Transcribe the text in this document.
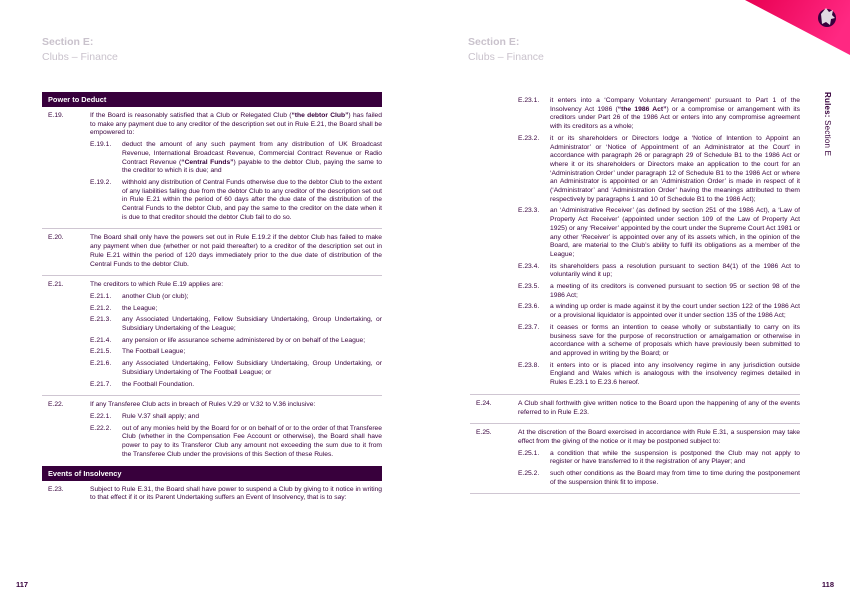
Section E:
Clubs – Finance
Section E:
Clubs – Finance
Rules: Section E
Power to Deduct
E.19.	If the Board is reasonably satisfied that a Club or Relegated Club (“the debtor Club”) has failed to make any payment due to any creditor of the description set out in Rule E.21, the Board shall be empowered to:

E.19.1.	deduct the amount of any such payment from any distribution of UK Broadcast Revenue, International Broadcast Revenue, Commercial Contract Revenue or Radio Contract Revenue (“Central Funds”) payable to the debtor Club, paying the same to the creditor to which it is due; and
E.19.2.	withhold any distribution of Central Funds otherwise due to the debtor Club to the extent of any liabilities falling due from the debtor Club to any creditor of the description set out in Rule E.21 within the period of 60 days after the due date of the distribution of the Central Funds to the debtor Club, and pay the same to the creditor on the date when it is due to that creditor should the debtor Club fail to do so.
E.20.	The Board shall only have the powers set out in Rule E.19.2 if the debtor Club has failed to make any payment when due (whether or not paid thereafter) to a creditor of the description set out in Rule E.21 within the period of 120 days immediately prior to the due date of distribution of the Central Funds to the debtor Club.
E.21.	The creditors to which Rule E.19 applies are:

E.21.1.	another Club (or club);
E.21.2.	the League;
E.21.3.	any Associated Undertaking, Fellow Subsidiary Undertaking, Group Undertaking, or Subsidiary Undertaking of the League;
E.21.4.	any pension or life assurance scheme administered by or on behalf of the League;
E.21.5.	The Football League;
E.21.6.	any Associated Undertaking, Fellow Subsidiary Undertaking, Group Undertaking, or Subsidiary Undertaking of The Football League; or
E.21.7.	the Football Foundation.
E.22.	If any Transferee Club acts in breach of Rules V.29 or V.32 to V.36 inclusive:

E.22.1.	Rule V.37 shall apply; and
E.22.2.	out of any monies held by the Board for or on behalf of or to the order of that Transferee Club (whether in the Compensation Fee Account or otherwise), the Board shall have power to pay to its Transferor Club any amount not exceeding the sum due to it from the Transferee Club under the provisions of this Section of these Rules.
Events of Insolvency
E.23.	Subject to Rule E.31, the Board shall have power to suspend a Club by giving to it notice in writing to that effect if it or its Parent Undertaking suffers an Event of Insolvency, that is to say:
E.23.1.	it enters into a ‘Company Voluntary Arrangement’ pursuant to Part 1 of the Insolvency Act 1986 (“the 1986 Act”) or a compromise or arrangement with its creditors under Part 26 of the 1986 Act or enters into any compromise agreement with its creditors as a whole;
E.23.2.	it or its shareholders or Directors lodge a ‘Notice of Intention to Appoint an Administrator’ or ‘Notice of Appointment of an Administrator at the Court’ in accordance with paragraph 26 or paragraph 29 of Schedule B1 to the 1986 Act or where it or its shareholders or Directors make an application to the court for an ‘Administration Order’ under paragraph 12 of Schedule B1 to the 1986 Act or where an Administrator is appointed or an ‘Administration Order’ is made in respect of it (‘Administrator’ and ‘Administration Order’ having the meanings attributed to them respectively by paragraphs 1 and 10 of Schedule B1 to the 1986 Act);
E.23.3.	an ‘Administrative Receiver’ (as defined by section 251 of the 1986 Act), a ‘Law of Property Act Receiver’ (appointed under section 109 of the Law of Property Act 1925) or any ‘Receiver’ appointed by the court under the Supreme Court Act 1981 or any other ‘Receiver’ is appointed over any of its assets which, in the opinion of the Board, are material to the Club’s ability to fulfil its obligations as a member of the League;
E.23.4.	its shareholders pass a resolution pursuant to section 84(1) of the 1986 Act to voluntarily wind it up;
E.23.5.	a meeting of its creditors is convened pursuant to section 95 or section 98 of the 1986 Act;
E.23.6.	a winding up order is made against it by the court under section 122 of the 1986 Act or a provisional liquidator is appointed over it under section 135 of the 1986 Act;
E.23.7.	it ceases or forms an intention to cease wholly or substantially to carry on its business save for the purpose of reconstruction or amalgamation or otherwise in accordance with a scheme of proposals which have previously been submitted to and approved in writing by the Board; or
E.23.8.	it enters into or is placed into any insolvency regime in any jurisdiction outside England and Wales which is analogous with the insolvency regimes detailed in Rules E.23.1 to E.23.6 hereof.
E.24.	A Club shall forthwith give written notice to the Board upon the happening of any of the events referred to in Rule E.23.
E.25.	At the discretion of the Board exercised in accordance with Rule E.31, a suspension may take effect from the giving of the notice or it may be postponed subject to:

E.25.1.	a condition that while the suspension is postponed the Club may not apply to register or have transferred to it the registration of any Player; and
E.25.2.	such other conditions as the Board may from time to time during the postponement of the suspension think fit to impose.
117	118
